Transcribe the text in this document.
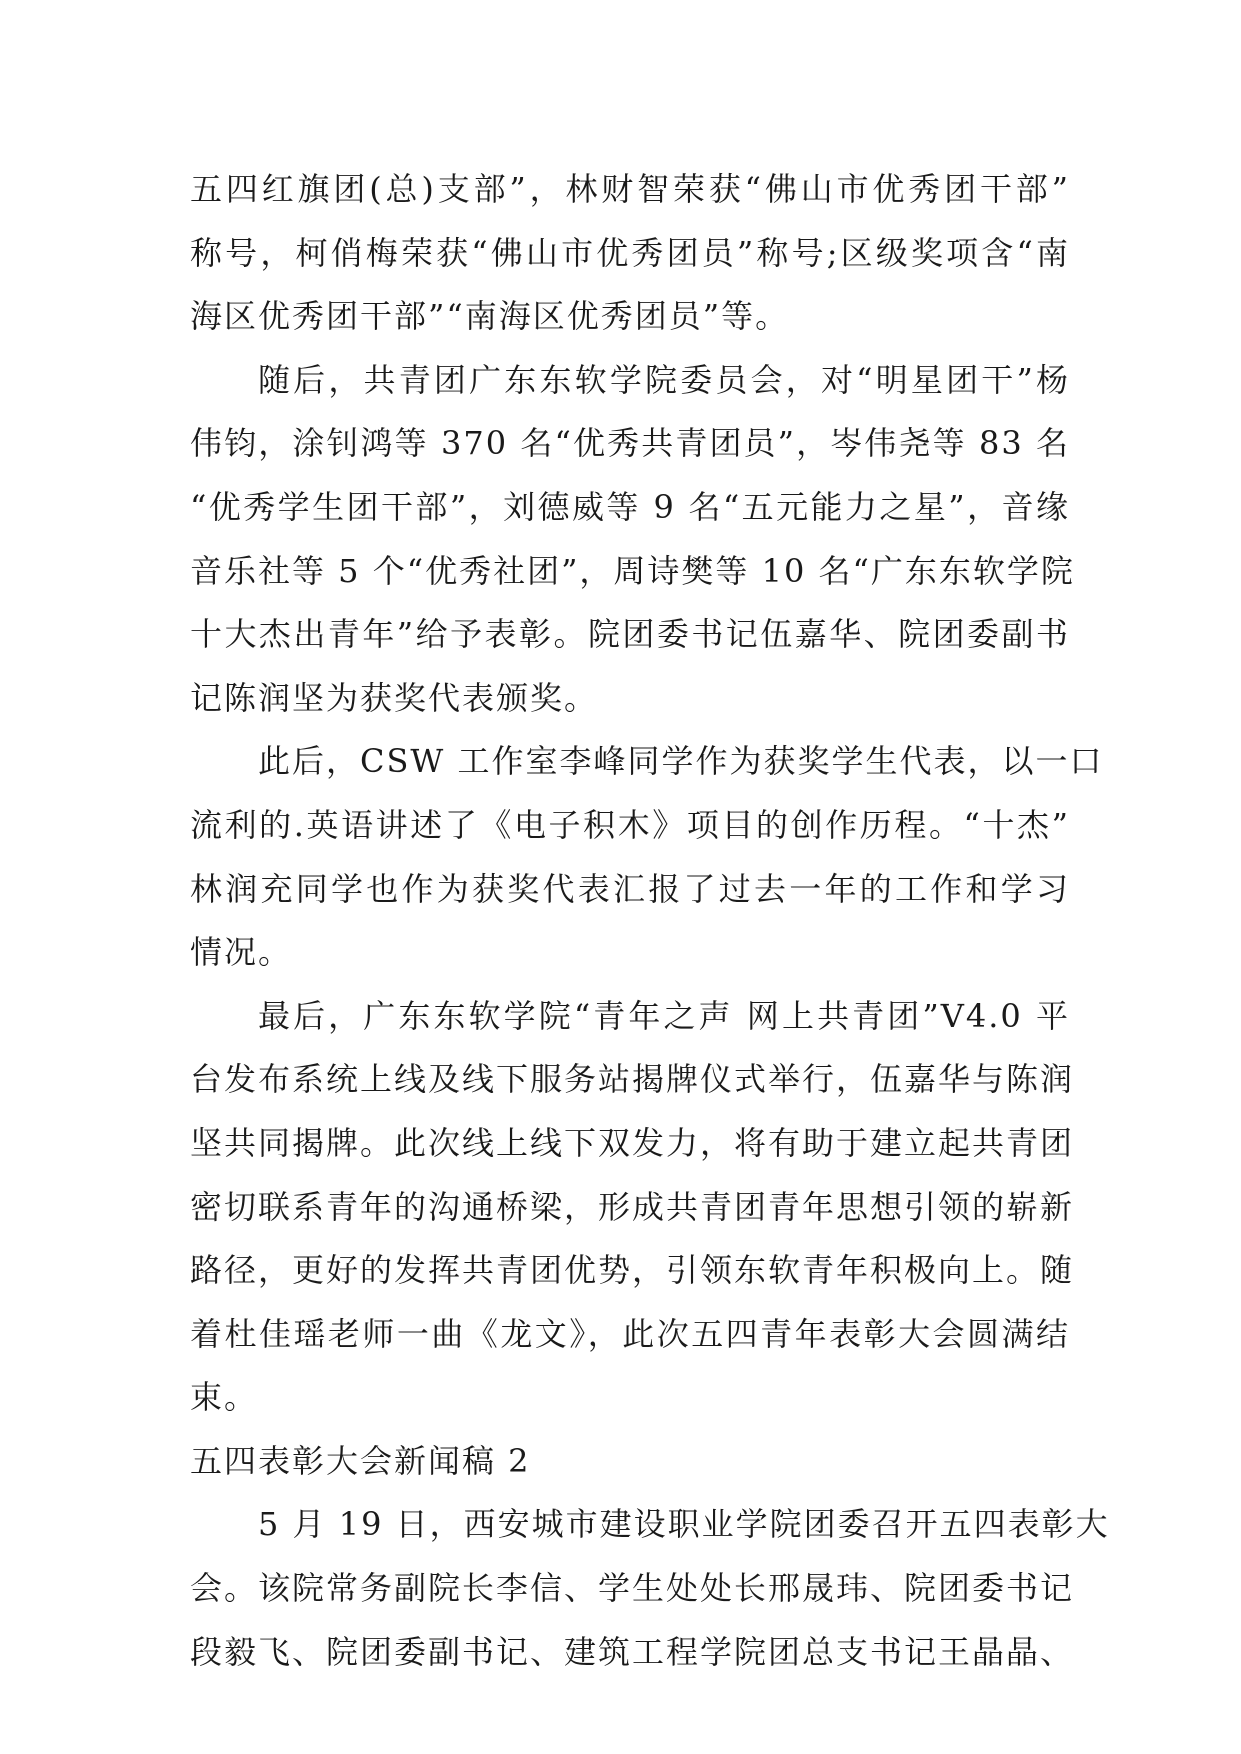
五四红旗团(总)支部”，林财智荣获“佛山市优秀团干部”
称号，柯俏梅荣获“佛山市优秀团员”称号;区级奖项含“南
海区优秀团干部”“南海区优秀团员”等。
随后，共青团广东东软学院委员会，对“明星团干”杨
伟钧，涂钊鸿等 370 名“优秀共青团员”，岑伟尧等 83 名
“优秀学生团干部”，刘德威等 9 名“五元能力之星”，音缘
音乐社等 5 个“优秀社团”，周诗樊等 10 名“广东东软学院
十大杰出青年”给予表彰。院团委书记伍嘉华、院团委副书
记陈润坚为获奖代表颁奖。
此后，CSW 工作室李峰同学作为获奖学生代表，以一口
流利的.英语讲述了《电子积木》项目的创作历程。“十杰”
林润充同学也作为获奖代表汇报了过去一年的工作和学习
情况。
最后，广东东软学院“青年之声 网上共青团”V4.0 平
台发布系统上线及线下服务站揭牌仪式举行，伍嘉华与陈润
坚共同揭牌。此次线上线下双发力，将有助于建立起共青团
密切联系青年的沟通桥梁，形成共青团青年思想引领的崭新
路径，更好的发挥共青团优势，引领东软青年积极向上。随
着杜佳瑶老师一曲《龙文》，此次五四青年表彰大会圆满结
束。
五四表彰大会新闻稿 2
5 月 19 日，西安城市建设职业学院团委召开五四表彰大
会。该院常务副院长李信、学生处处长邢晟玮、院团委书记
段毅飞、院团委副书记、建筑工程学院团总支书记王晶晶、
